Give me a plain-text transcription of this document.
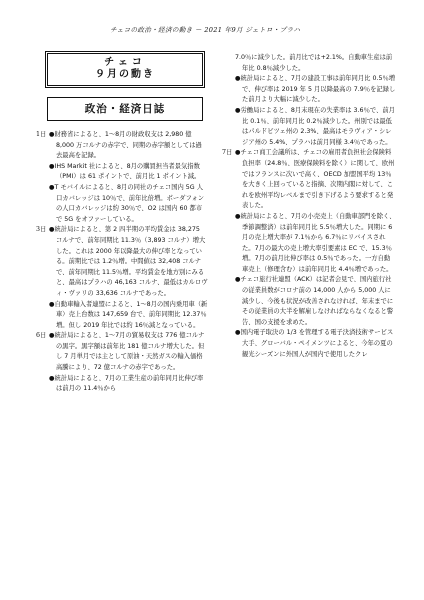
チェコの政治・経済の動き － 2021 年9月 ジェトロ・プラハ
チェコ
９月の動き
政治・経済日誌
1日 ●財務省によると、1～8月の財政収支は 2,980 億 8,000 万コルナの赤字で、同期の赤字額としては過去最高を記録。
●IHS Markit 社によると、8月の購買担当者景気指数（PMI）は 61 ポイントで、前月比 1 ポイント減。
●T モバイルによると、8月の同社のチェコ国内 5G 人口カバレッジは 10％で、前年比倍増。ボーダフォンの人口カバレッジは約 30％で、O2 は国内 60 都市で 5G をオファーしている。
3日 ●統計局によると、第 2 四半期の平均賃金は 38,275 コルナで、前年同期比 11.3％（3,893 コルナ）増大した。これは 2000 年以降最大の伸び率となっている。前期比では 1.2％増。中間値は 32,408 コルナで、前年同期比 11.5％増。平均賃金を地方別にみると、最高はプラハの 46,163 コルナ、最低はカルロヴィ・ヴァリの 33,636 コルナであった。
●自動車輸入者連盟によると、1～8月の国内乗用車（新車）売上台数は 147,659 台で、前年同期比 12.37％増。但し 2019 年比では約 16％減となっている。
6日 ●統計局によると、1～7月の貿易収支は 776 億コルナの黒字。黒字額は前年比 181 億コルナ増大した。但し 7 月単月では主として原油・天然ガスの輸入価格高騰により、72 億コルナの赤字であった。
●統計局によると、7月の工業生産の前年同月比伸び率は前月の 11.4％から
7.0％に減少した。前月比では+2.1%。自動車生産は前年比 0.8％減少した。
●統計局によると、7月の建設工事は前年同月比 0.5％増で、伸び率は 2019 年 5 月以降最高の 7.9％を記録した前月より大幅に減少した。
●労働局によると、8月末現在の失業率は 3.6％で、前月比 0.1％、前年同月比 0.2％減少した。州別では最低はパルドビツェ州の 2.3%、最高はモラヴィア・シレジア州の 5.4%、プラハは前月同様 3.4％であった。
7日 ●チェコ商工会議所は、チェコの雇用者負担社会保険料負担率（24.8％、医療保険料を除く）に関して、欧州ではフランスに次いで高く、OECD 加盟国平均 13％を大きく上回っていると指摘、次期内閣に対して、これを欧州平均レベルまで引き下げるよう要求すると発表した。
●統計局によると、7月の小売売上（自動車部門を除く、季節調整済）は前年同月比 5.5％増大した。同期に 6 月の売上増大率が 7.1％から 6.7％にリバイスされた。7月の最大の売上増大率引要素は EC で、15.3％増。7月の前月比伸び率は 0.5％であった。一方自動車売上（修理含む）は前年同月比 4.4％増であった。
●チェコ旅行社連盟（ACK）は記者会見で、国内旅行社の従業員数がコロナ前の 14,000 人から 5,000 人に減少し、今後も状況が改善されなければ、年末までにその従業員の大半を解雇しなければならなくなると警告、国の支援を求めた。
●国内電子取決の 1/3 を管理する電子決済技術サービス大手、グローバル・ペイメンツによると、今年の夏の観光シーズンに外国人が国内で使用したクレ
